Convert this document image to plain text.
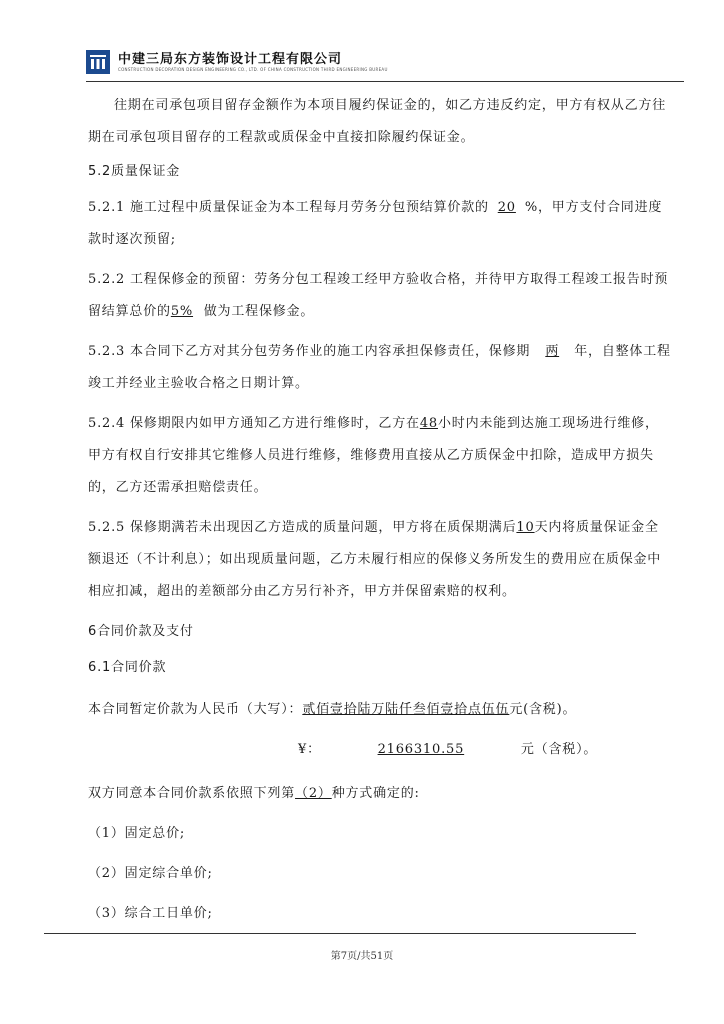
中建三局东方装饰设计工程有限公司
CONSTRUCTION DECORATION DESIGN ENGINEERING CO., LTD. OF CHINA CONSTRUCTION THIRD ENGINEERING BUREAU

往期在司承包项目留存金额作为本项目履约保证金的，如乙方违反约定，甲方有权从乙方往期在司承包项目留存的工程款或质保金中直接扣除履约保证金。

5.2质量保证金

5.2.1 施工过程中质量保证金为本工程每月劳务分包预结算价款的 20 %，甲方支付合同进度款时逐次预留;

5.2.2 工程保修金的预留：劳务分包工程竣工经甲方验收合格，并待甲方取得工程竣工报告时预留结算总价的5% 做为工程保修金。

5.2.3 本合同下乙方对其分包劳务作业的施工内容承担保修责任，保修期 两 年，自整体工程竣工并经业主验收合格之日期计算。

5.2.4 保修期限内如甲方通知乙方进行维修时，乙方在48小时内未能到达施工现场进行维修，甲方有权自行安排其它维修人员进行维修，维修费用直接从乙方质保金中扣除，造成甲方损失的，乙方还需承担赔偿责任。

5.2.5 保修期满若未出现因乙方造成的质量问题，甲方将在质保期满后10天内将质量保证金全额退还（不计利息）；如出现质量问题，乙方未履行相应的保修义务所发生的费用应在质保金中相应扣减，超出的差额部分由乙方另行补齐，甲方并保留索赔的权利。

6合同价款及支付

6.1合同价款

本合同暂定价款为人民币（大写）：贰佰壹拾陆万陆仟叁佰壹拾点伍伍元(含税)。

¥：	2166310.55	元（含税）。

双方同意本合同价款系依照下列第（2）种方式确定的:

（1）固定总价;

（2）固定综合单价;

（3）综合工日单价;

第7页/共51页
